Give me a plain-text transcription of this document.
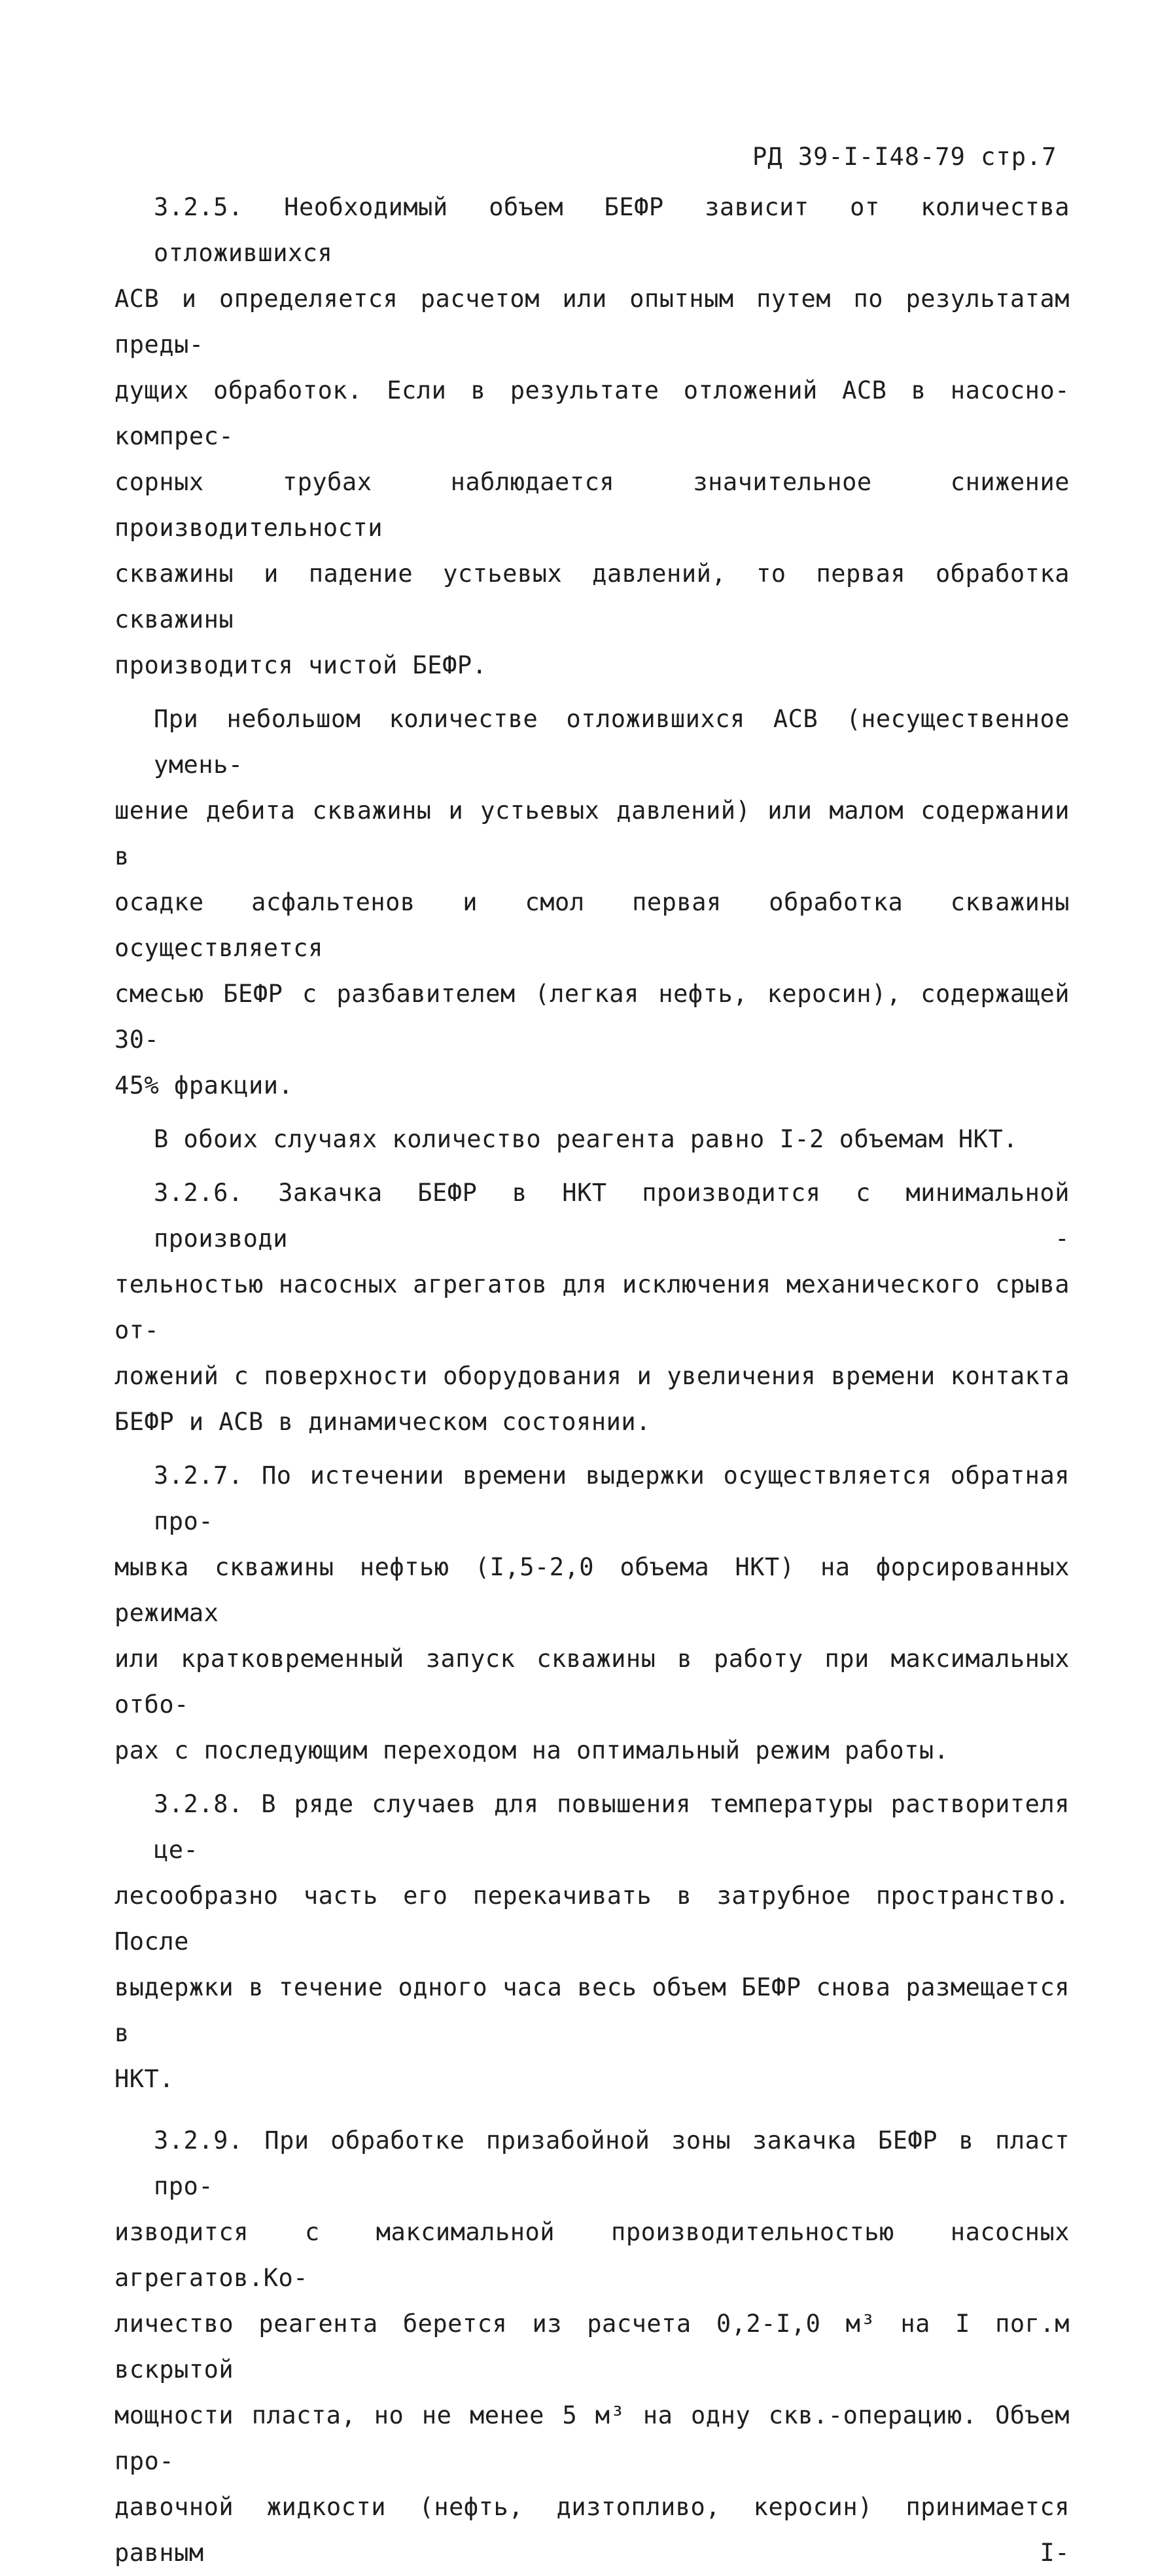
РД 39-I-I48-79 стр.7
3.2.5. Необходимый объем БЕФР зависит от количества отложившихся
АСВ и определяется расчетом или опытным путем по результатам преды-
дущих обработок. Если в результате отложений АСВ в насосно-компрес-
сорных трубах наблюдается значительное снижение производительности
скважины и падение устьевых давлений, то первая обработка скважины
производится чистой БЕФР.
При небольшом количестве отложившихся АСВ (несущественное умень-
шение дебита скважины и устьевых давлений) или малом содержании в
осадке асфальтенов и смол первая обработка скважины осуществляется
смесью БЕФР с разбавителем (легкая нефть, керосин), содержащей 30-
45% фракции.
В обоих случаях количество реагента равно I-2 объемам НКТ.
3.2.6. Закачка БЕФР в НКТ производится с минимальной производи -
тельностью насосных агрегатов для исключения механического срыва от-
ложений с поверхности оборудования и увеличения времени контакта
БЕФР и АСВ в динамическом состоянии.
3.2.7. По истечении времени выдержки осуществляется обратная про-
мывка скважины нефтью (I,5-2,0 объема НКТ) на форсированных режимах
или кратковременный запуск скважины в работу при максимальных отбо-
рах с последующим переходом на оптимальный режим работы.
3.2.8. В ряде случаев для повышения температуры растворителя це-
лесообразно часть его перекачивать в затрубное пространство. После
выдержки в течение одного часа весь объем БЕФР снова размещается в
НКТ.
3.2.9. При обработке призабойной зоны закачка БЕФР в пласт про-
изводится с максимальной производительностью насосных агрегатов.Ко-
личество реагента берется из расчета 0,2-I,0 м³ на I пог.м вскрытой
мощности пласта, но не менее 5 м³ на одну скв.-операцию. Объем про-
давочной жидкости (нефть, дизтопливо, керосин) принимается равным I-
